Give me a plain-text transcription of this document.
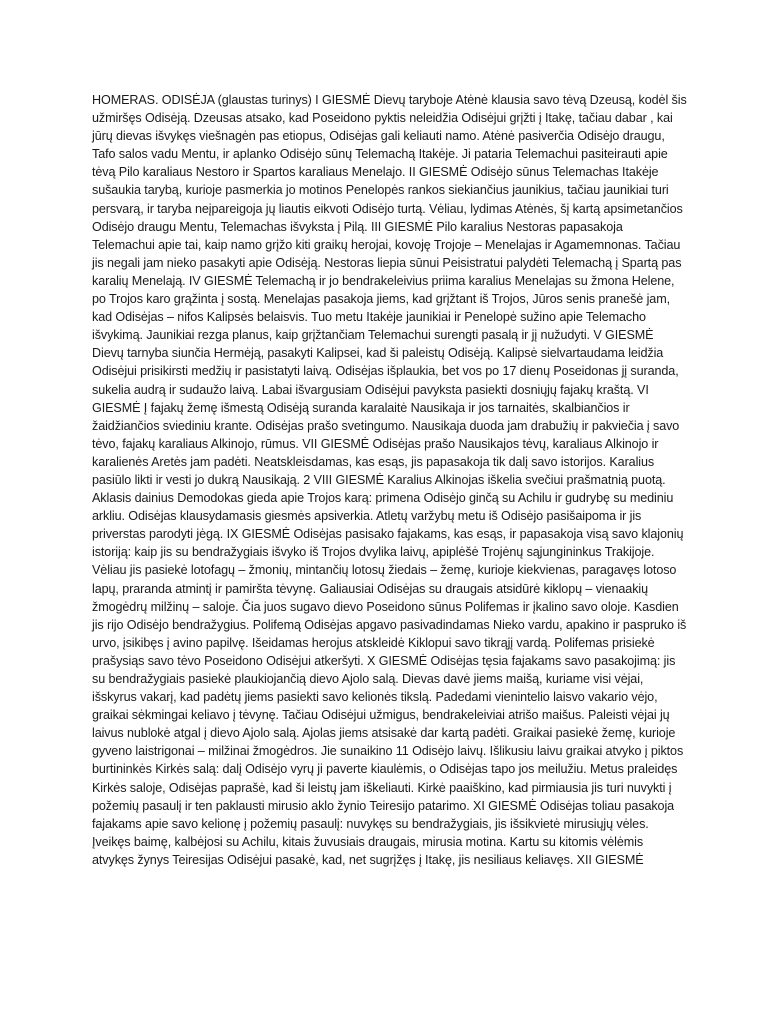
HOMERAS. ODISĖJA (glaustas turinys) I GIESMĖ Dievų taryboje Atėnė klausia savo tėvą Dzeusą, kodėl šis užmiršęs Odisėją. Dzeusas atsako, kad Poseidono pyktis neleidžia Odisėjui grįžti į Itakę, tačiau dabar , kai jūrų dievas išvykęs viešnagėn pas etiopus, Odisėjas gali keliauti namo. Atėnė pasiverčia Odisėjo draugu, Tafo salos vadu Mentu, ir aplanko Odisėjo sūnų Telemachą Itakėje. Ji pataria Telemachui pasiteirauti apie tėvą Pilo karaliaus Nestoro ir Spartos karaliaus Menelajo. II GIESMĖ Odisėjo sūnus Telemachas Itakėje sušaukia tarybą, kurioje pasmerkia jo motinos Penelopės rankos siekiančius jaunikius, tačiau jaunikiai turi persvarą, ir taryba neįpareigoja jų liautis eikvoti Odisėjo turtą. Vėliau, lydimas Atėnės, šį kartą apsimetančios Odisėjo draugu Mentu, Telemachas išvyksta į Pilą. III GIESMĖ Pilo karalius Nestoras papasakoja Telemachui apie tai, kaip namo grįžo kiti graikų herojai, kovoję Trojoje – Menelajas ir Agamemnonas. Tačiau jis negali jam nieko pasakyti apie Odisėją. Nestoras liepia sūnui Peisistratui palydėti Telemachą į Spartą pas karalių Menelają. IV GIESMĖ Telemachą ir jo bendrakeleivius priima karalius Menelajas su žmona Helene, po Trojos karo grąžinta į sostą. Menelajas pasakoja jiems, kad grįžtant iš Trojos, Jūros senis pranešė jam, kad Odisėjas – nifos Kalipsės belaisvis. Tuo metu Itakėje jaunikiai ir Penelopė sužino apie Telemacho išvykimą. Jaunikiai rezga planus, kaip grįžtančiam Telemachui surengti pasalą ir jį nužudyti. V GIESMĖ Dievų tarnyba siunčia Hermėją, pasakyti Kalipsei, kad ši paleistų Odisėją. Kalipsė sielvartaudama leidžia Odisėjui prisikirsti medžių ir pasistatyti laivą. Odisėjas išplaukia, bet vos po 17 dienų Poseidonas jį suranda, sukelia audrą ir sudaužo laivą. Labai išvargusiam Odisėjui pavyksta pasiekti dosniųjų fajakų kraštą. VI GIESMĖ Į fajakų žemę išmestą Odisėją suranda karalaitė Nausikaja ir jos tarnaitės, skalbiančios ir žaidžiančios sviediniu krante. Odisėjas prašo svetingumo. Nausikaja duoda jam drabužių ir pakviečia į savo tėvo, fajakų karaliaus Alkinojo, rūmus. VII GIESMĖ Odisėjas prašo Nausikajos tėvų, karaliaus Alkinojo ir karalienės Aretės jam padėti. Neatskleisdamas, kas esąs, jis papasakoja tik dalį savo istorijos. Karalius pasiūlo likti ir vesti jo dukrą Nausikają. 2 VIII GIESMĖ Karalius Alkinojas iškelia svečiui prašmatnią puotą. Aklasis dainius Demodokas gieda apie Trojos karą: primena Odisėjo ginčą su Achilu ir gudrybę su mediniu arkliu. Odisėjas klausydamasis giesmės apsiverkia. Atletų varžybų metu iš Odisėjo pasišaipoma ir jis priverstas parodyti jėgą. IX GIESMĖ Odisėjas pasisako fajakams, kas esąs, ir papasakoja visą savo klajonių istoriją: kaip jis su bendražygiais išvyko iš Trojos dvylika laivų, apiplėšė Trojėnų sąjungininkus Trakijoje. Vėliau jis pasiekė lotofagų – žmonių, mintančių lotosų žiedais – žemę, kurioje kiekvienas, paragavęs lotoso lapų, praranda atmintį ir pamiršta tėvynę. Galiausiai Odisėjas su draugais atsidūrė kiklopų – vienaakių žmogėdrų milžinų – saloje. Čia juos sugavo dievo Poseidono sūnus Polifemas ir įkalino savo oloje. Kasdien jis rijo Odisėjo bendražygius. Polifemą Odisėjas apgavo pasivadindamas Nieko vardu, apakino ir paspruko iš urvo, įsikibęs į avino papilvę. Išeidamas herojus atskleidė Kiklopui savo tikrąjį vardą. Polifemas prisiekė prašysiąs savo tėvo Poseidono Odisėjui atkeršyti. X GIESMĖ Odisėjas tęsia fajakams savo pasakojimą: jis su bendražygiais pasiekė plaukiojančią dievo Ajolo salą. Dievas davė jiems maišą, kuriame visi vėjai, išskyrus vakarį, kad padėtų jiems pasiekti savo kelionės tikslą. Padedami vienintelio laisvo vakario vėjo, graikai sėkmingai keliavo į tėvynę. Tačiau Odisėjui užmigus, bendrakeleiviai atrišo maišus. Paleisti vėjai jų laivus nublokė atgal į dievo Ajolo salą. Ajolas jiems atsisakė dar kartą padėti. Graikai pasiekė žemę, kurioje gyveno laistrigonai – milžinai žmogėdros. Jie sunaikino 11 Odisėjo laivų. Išlikusiu laivu graikai atvyko į piktos burtininkės Kirkės salą: dalį Odisėjo vyrų ji paverte kiaulėmis, o Odisėjas tapo jos meilužiu. Metus praleidęs Kirkės saloje, Odisėjas paprašė, kad ši leistų jam iškeliauti. Kirkė paaiškino, kad pirmiausia jis turi nuvykti į požemių pasaulį ir ten paklausti mirusio aklo žynio Teiresijo patarimo. XI GIESMĖ Odisėjas toliau pasakoja fajakams apie savo kelionę į požemių pasaulį: nuvykęs su bendražygiais, jis išsikvietė mirusiųjų vėles. Įveikęs baimę, kalbėjosi su Achilu, kitais žuvusiais draugais, mirusia motina. Kartu su kitomis vėlėmis atvykęs žynys Teiresijas Odisėjui pasakė, kad, net sugrįžęs į Itakę, jis nesiliaus keliavęs. XII GIESMĖ
